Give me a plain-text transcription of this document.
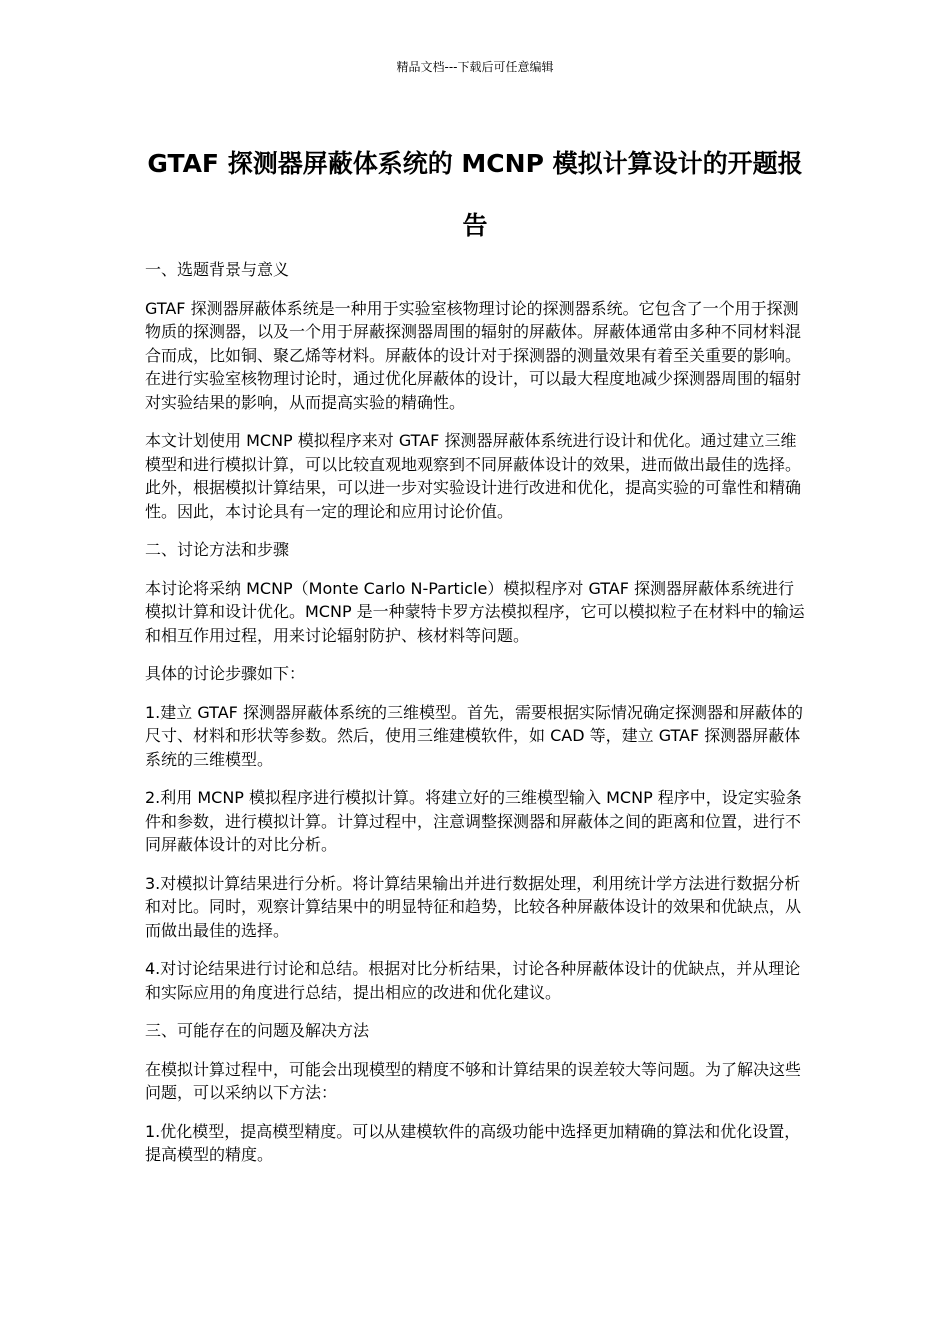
精品文档---下载后可任意编辑
GTAF 探测器屏蔽体系统的 MCNP 模拟计算设计的开题报告
一、选题背景与意义

GTAF 探测器屏蔽体系统是一种用于实验室核物理讨论的探测器系统。它包含了一个用于探测物质的探测器，以及一个用于屏蔽探测器周围的辐射的屏蔽体。屏蔽体通常由多种不同材料混合而成，比如铜、聚乙烯等材料。屏蔽体的设计对于探测器的测量效果有着至关重要的影响。在进行实验室核物理讨论时，通过优化屏蔽体的设计，可以最大程度地减少探测器周围的辐射对实验结果的影响，从而提高实验的精确性。

本文计划使用 MCNP 模拟程序来对 GTAF 探测器屏蔽体系统进行设计和优化。通过建立三维模型和进行模拟计算，可以比较直观地观察到不同屏蔽体设计的效果，进而做出最佳的选择。此外，根据模拟计算结果，可以进一步对实验设计进行改进和优化，提高实验的可靠性和精确性。因此，本讨论具有一定的理论和应用讨论价值。

二、讨论方法和步骤

本讨论将采纳 MCNP（Monte Carlo N-Particle）模拟程序对 GTAF 探测器屏蔽体系统进行模拟计算和设计优化。MCNP 是一种蒙特卡罗方法模拟程序，它可以模拟粒子在材料中的输运和相互作用过程，用来讨论辐射防护、核材料等问题。

具体的讨论步骤如下：

1.建立 GTAF 探测器屏蔽体系统的三维模型。首先，需要根据实际情况确定探测器和屏蔽体的尺寸、材料和形状等参数。然后，使用三维建模软件，如 CAD 等，建立 GTAF 探测器屏蔽体系统的三维模型。

2.利用 MCNP 模拟程序进行模拟计算。将建立好的三维模型输入 MCNP 程序中，设定实验条件和参数，进行模拟计算。计算过程中，注意调整探测器和屏蔽体之间的距离和位置，进行不同屏蔽体设计的对比分析。

3.对模拟计算结果进行分析。将计算结果输出并进行数据处理，利用统计学方法进行数据分析和对比。同时，观察计算结果中的明显特征和趋势，比较各种屏蔽体设计的效果和优缺点，从而做出最佳的选择。

4.对讨论结果进行讨论和总结。根据对比分析结果，讨论各种屏蔽体设计的优缺点，并从理论和实际应用的角度进行总结，提出相应的改进和优化建议。

三、可能存在的问题及解决方法

在模拟计算过程中，可能会出现模型的精度不够和计算结果的误差较大等问题。为了解决这些问题，可以采纳以下方法：

1.优化模型，提高模型精度。可以从建模软件的高级功能中选择更加精确的算法和优化设置，提高模型的精度。
